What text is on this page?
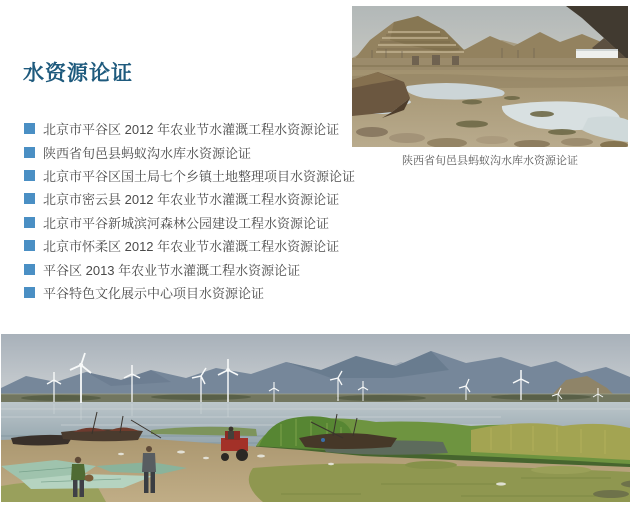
水资源论证
北京市平谷区 2012 年农业节水灌溉工程水资源论证
陕西省旬邑县蚂蚁沟水库水资源论证
北京市平谷区国土局七个乡镇土地整理项目水资源论证
北京市密云县 2012 年农业节水灌溉工程水资源论证
北京市平谷新城滨河森林公园建设工程水资源论证
北京市怀柔区 2012 年农业节水灌溉工程水资源论证
平谷区 2013 年农业节水灌溉工程水资源论证
平谷特色文化展示中心项目水资源论证
陕西省旬邑县蚂蚁沟水库水资源论证
